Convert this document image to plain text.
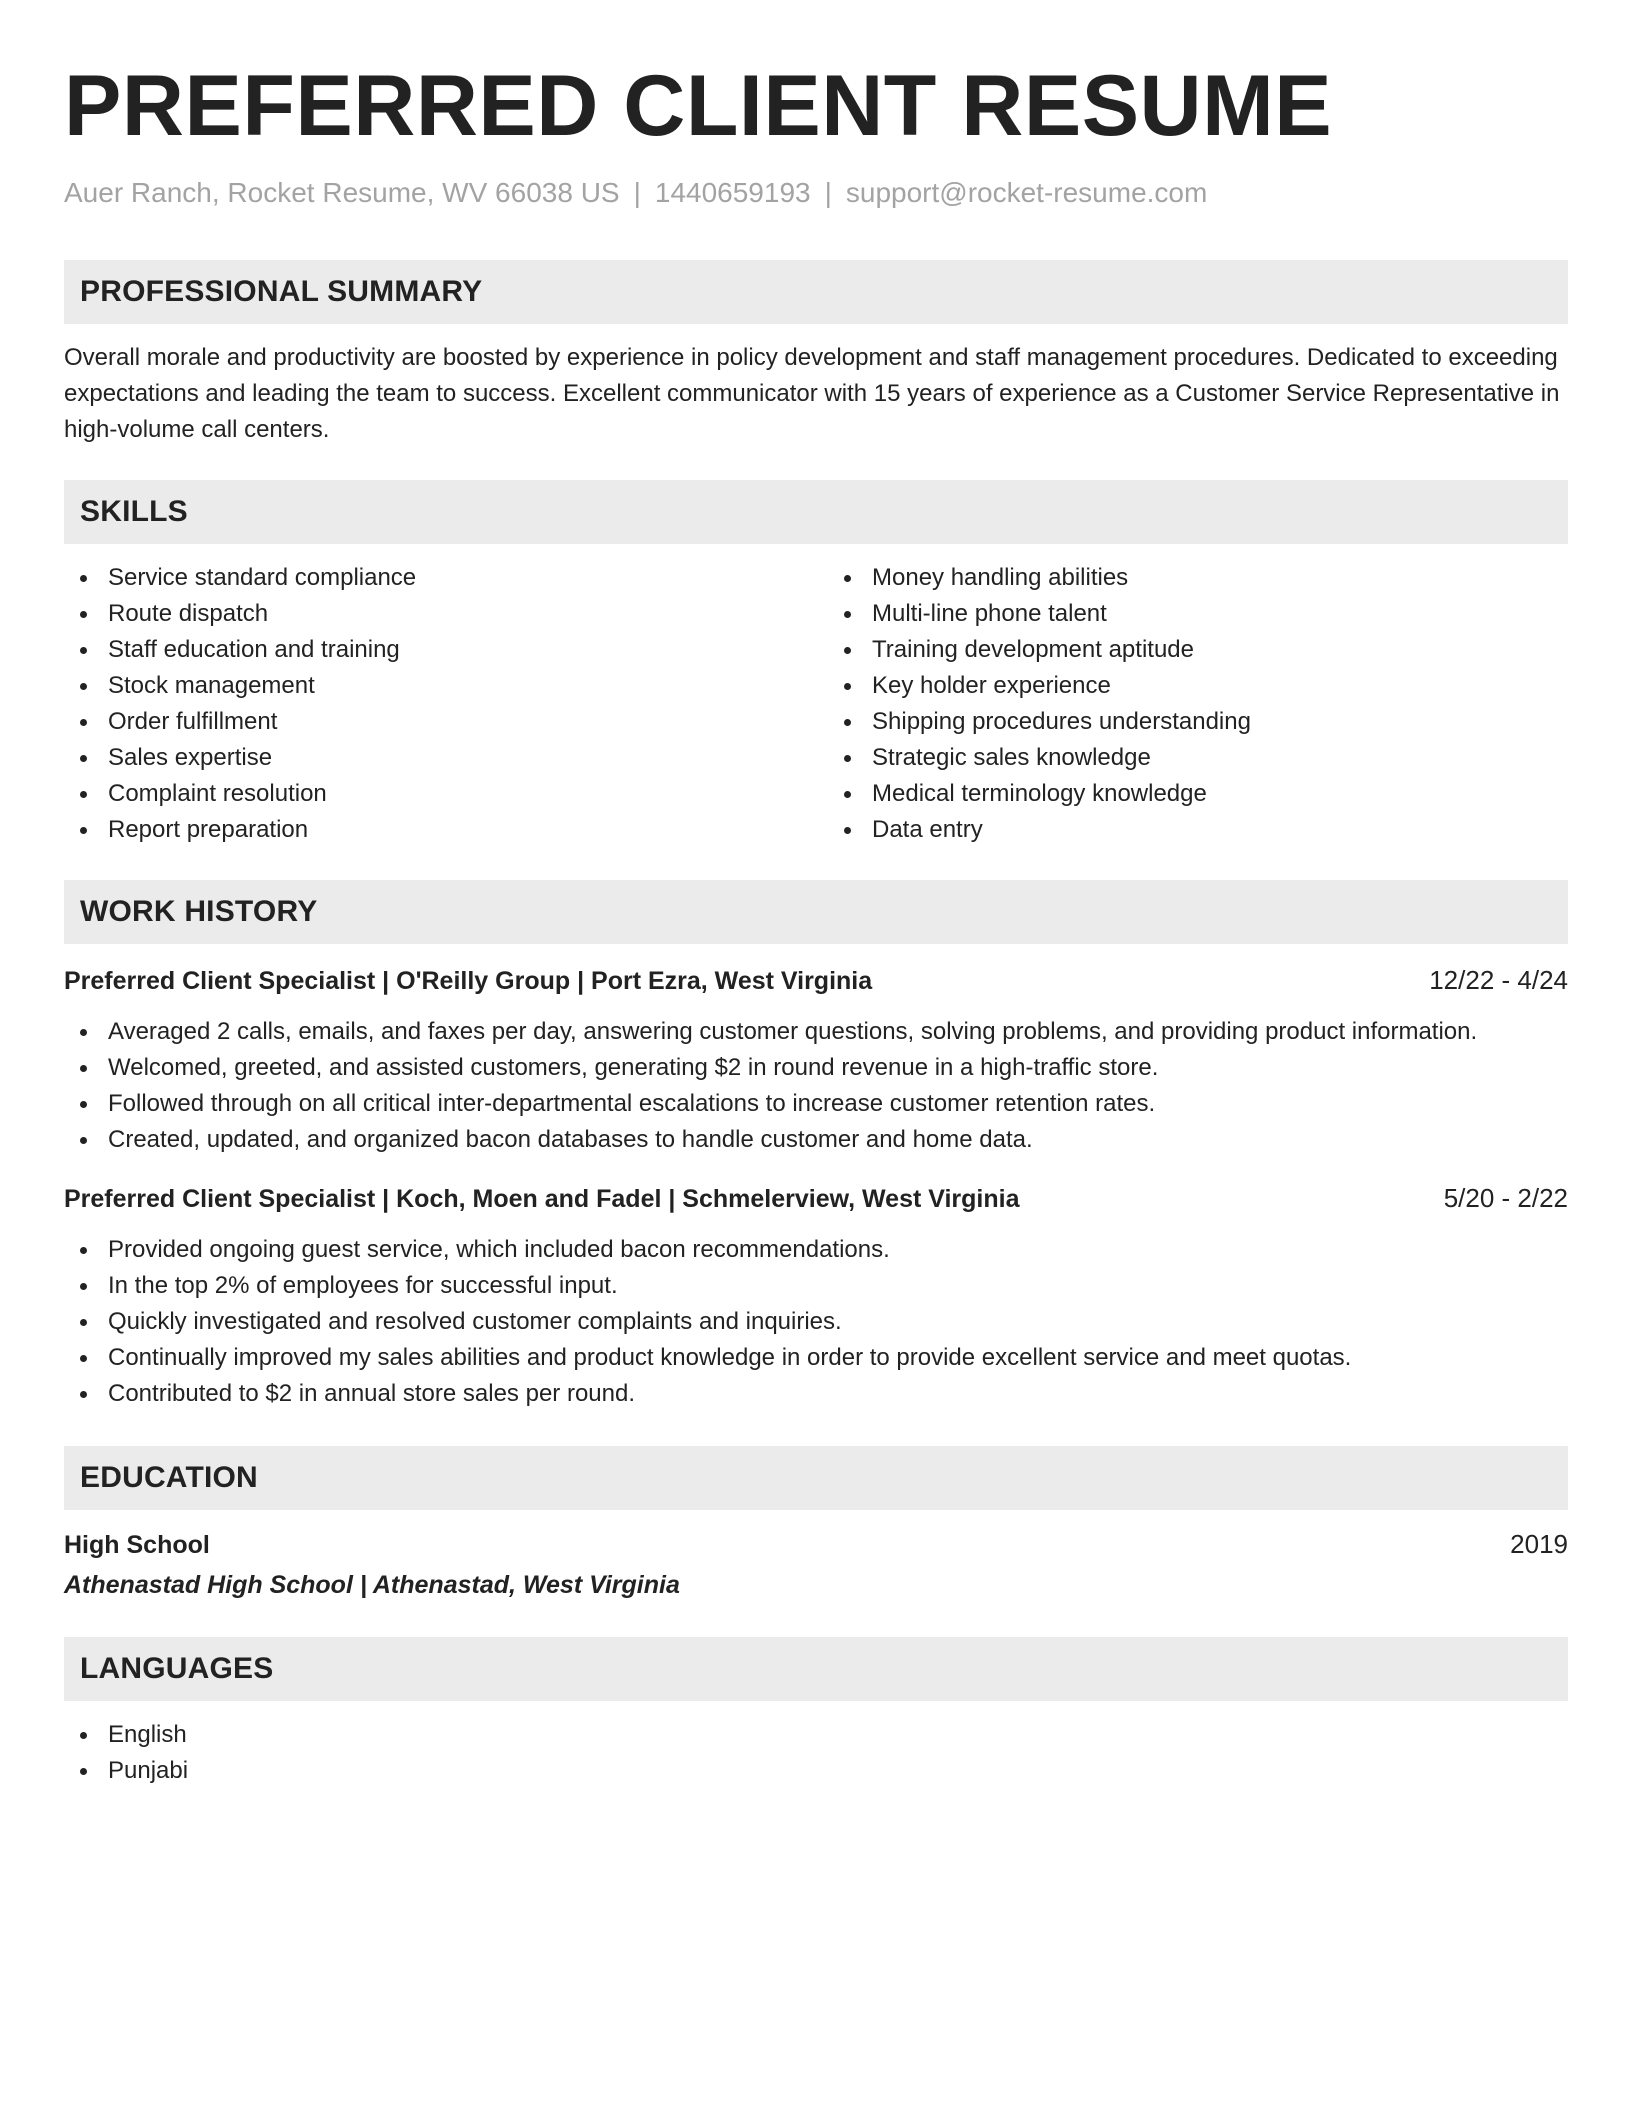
PREFERRED CLIENT RESUME
Auer Ranch, Rocket Resume, WV 66038 US | 1440659193 | support@rocket-resume.com
PROFESSIONAL SUMMARY

Overall morale and productivity are boosted by experience in policy development and staff management procedures. Dedicated to exceeding expectations and leading the team to success. Excellent communicator with 15 years of experience as a Customer Service Representative in high-volume call centers.

SKILLS
Service standard compliance
Route dispatch
Staff education and training
Stock management
Order fulfillment
Sales expertise
Complaint resolution
Report preparation
Money handling abilities
Multi-line phone talent
Training development aptitude
Key holder experience
Shipping procedures understanding
Strategic sales knowledge
Medical terminology knowledge
Data entry
WORK HISTORY
Preferred Client Specialist | O'Reilly Group | Port Ezra, West Virginia	12/22 - 4/24
Averaged 2 calls, emails, and faxes per day, answering customer questions, solving problems, and providing product information.
Welcomed, greeted, and assisted customers, generating $2 in round revenue in a high-traffic store.
Followed through on all critical inter-departmental escalations to increase customer retention rates.
Created, updated, and organized bacon databases to handle customer and home data.
Preferred Client Specialist | Koch, Moen and Fadel | Schmelerview, West Virginia	5/20 - 2/22
Provided ongoing guest service, which included bacon recommendations.
In the top 2% of employees for successful input.
Quickly investigated and resolved customer complaints and inquiries.
Continually improved my sales abilities and product knowledge in order to provide excellent service and meet quotas.
Contributed to $2 in annual store sales per round.
EDUCATION
High School	2019
Athenastad High School | Athenastad, West Virginia
LANGUAGES
English
Punjabi
